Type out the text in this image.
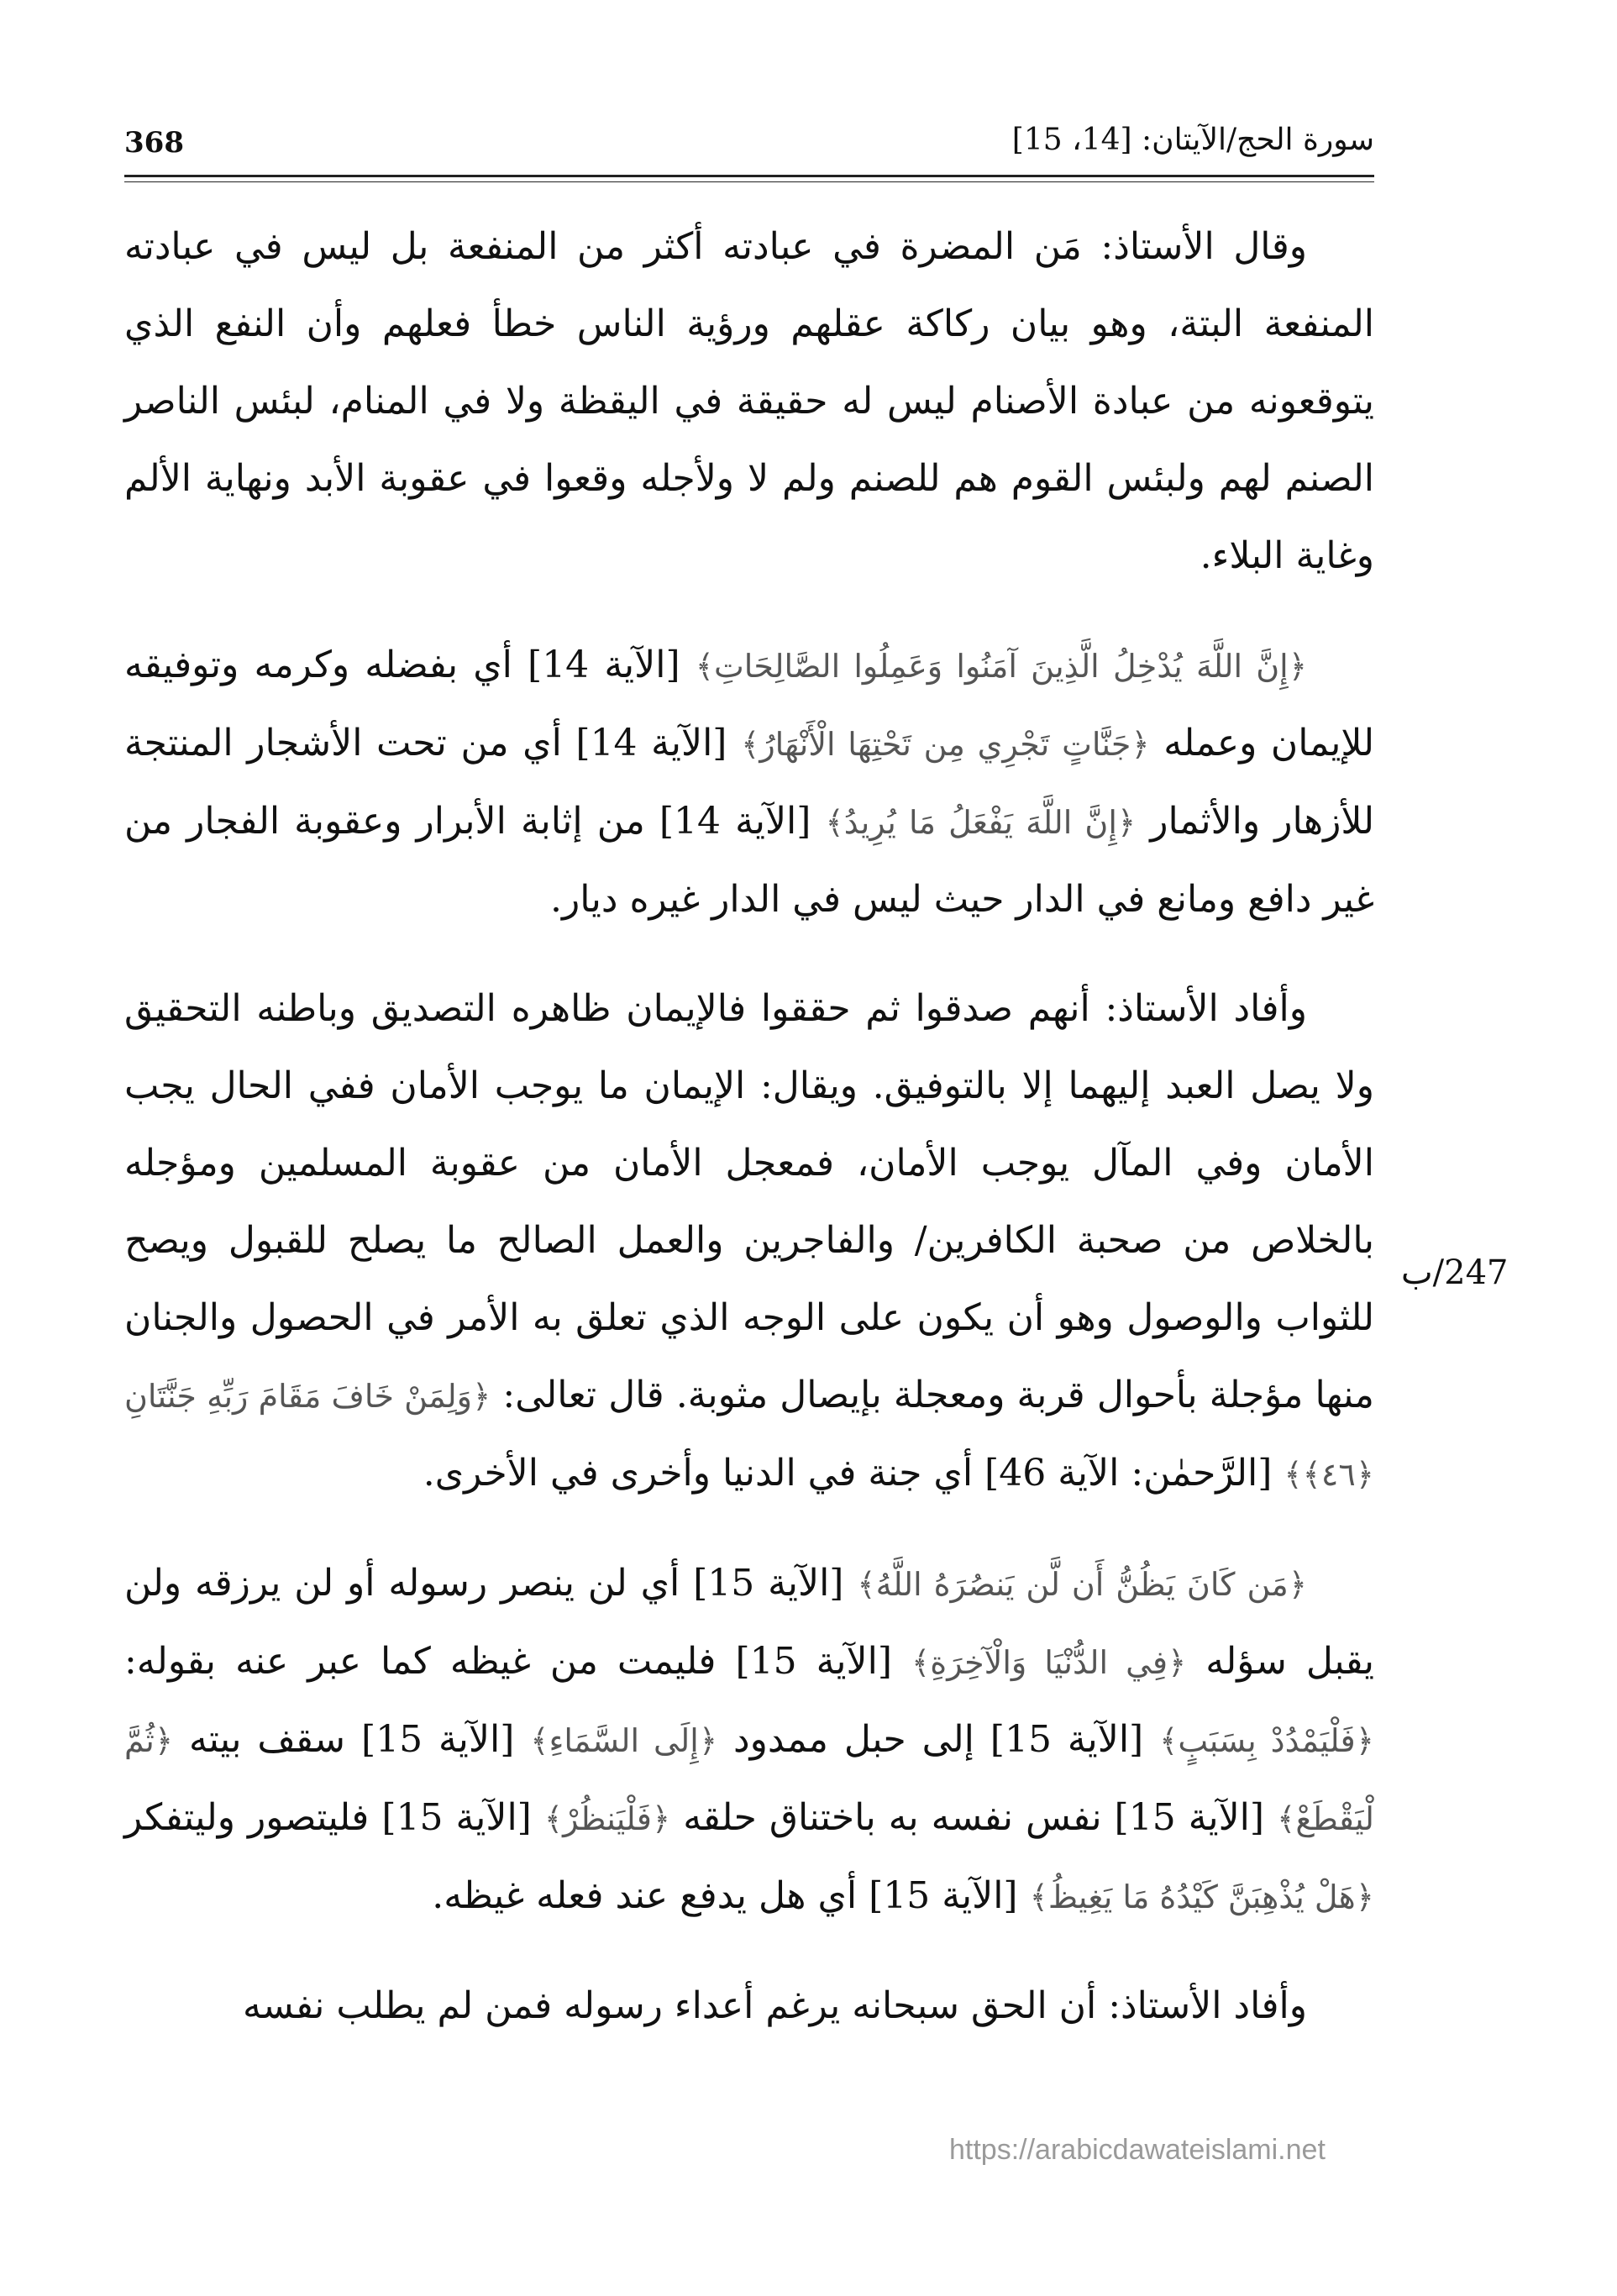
368	سورة الحج/الآيتان: [14، 15]

وقال الأستاذ: مَن المضرة في عبادته أكثر من المنفعة بل ليس في عبادته المنفعة البتة، وهو بيان ركاكة عقلهم ورؤية الناس خطأ فعلهم وأن النفع الذي يتوقعونه من عبادة الأصنام ليس له حقيقة في اليقظة ولا في المنام، لبئس الناصر الصنم لهم ولبئس القوم هم للصنم ولم لا ولأجله وقعوا في عقوبة الأبد ونهاية الألم وغاية البلاء.

﴿إِنَّ اللَّهَ يُدْخِلُ الَّذِينَ آمَنُوا وَعَمِلُوا الصَّالِحَاتِ﴾ [الآية 14] أي بفضله وكرمه وتوفيقه للإيمان وعمله ﴿جَنَّاتٍ تَجْرِي مِن تَحْتِهَا الْأَنْهَارُ﴾ [الآية 14] أي من تحت الأشجار المنتجة للأزهار والأثمار ﴿إِنَّ اللَّهَ يَفْعَلُ مَا يُرِيدُ﴾ [الآية 14] من إثابة الأبرار وعقوبة الفجار من غير دافع ومانع في الدار حيث ليس في الدار غيره ديار.

وأفاد الأستاذ: أنهم صدقوا ثم حققوا فالإيمان ظاهره التصديق وباطنه التحقيق ولا يصل العبد إليهما إلا بالتوفيق. ويقال: الإيمان ما يوجب الأمان ففي الحال يجب الأمان وفي المآل يوجب الأمان، فمعجل الأمان من عقوبة المسلمين ومؤجله بالخلاص من صحبة الكافرين/ والفاجرين والعمل الصالح ما يصلح للقبول ويصح للثواب والوصول وهو أن يكون على الوجه الذي تعلق به الأمر في الحصول والجنان منها مؤجلة بأحوال قربة ومعجلة بإيصال مثوبة. قال تعالى: ﴿وَلِمَنْ خَافَ مَقَامَ رَبِّهِ جَنَّتَانِ ﴿٤٦﴾﴾ [الرَّحمٰن: الآية 46] أي جنة في الدنيا وأخرى في الأخرى.

﴿مَن كَانَ يَظُنُّ أَن لَّن يَنصُرَهُ اللَّهُ﴾ [الآية 15] أي لن ينصر رسوله أو لن يرزقه ولن يقبل سؤله ﴿فِي الدُّنْيَا وَالْآخِرَةِ﴾ [الآية 15] فليمت من غيظه كما عبر عنه بقوله: ﴿فَلْيَمْدُدْ بِسَبَبٍ﴾ [الآية 15] إلى حبل ممدود ﴿إِلَى السَّمَاءِ﴾ [الآية 15] سقف بيته ﴿ثُمَّ لْيَقْطَعْ﴾ [الآية 15] نفس نفسه به باختناق حلقه ﴿فَلْيَنظُرْ﴾ [الآية 15] فليتصور وليتفكر ﴿هَلْ يُذْهِبَنَّ كَيْدُهُ مَا يَغِيظُ﴾ [الآية 15] أي هل يدفع عند فعله غيظه.

وأفاد الأستاذ: أن الحق سبحانه يرغم أعداء رسوله فمن لم يطلب نفسه

247/ب
https://arabicdawateislami.net
